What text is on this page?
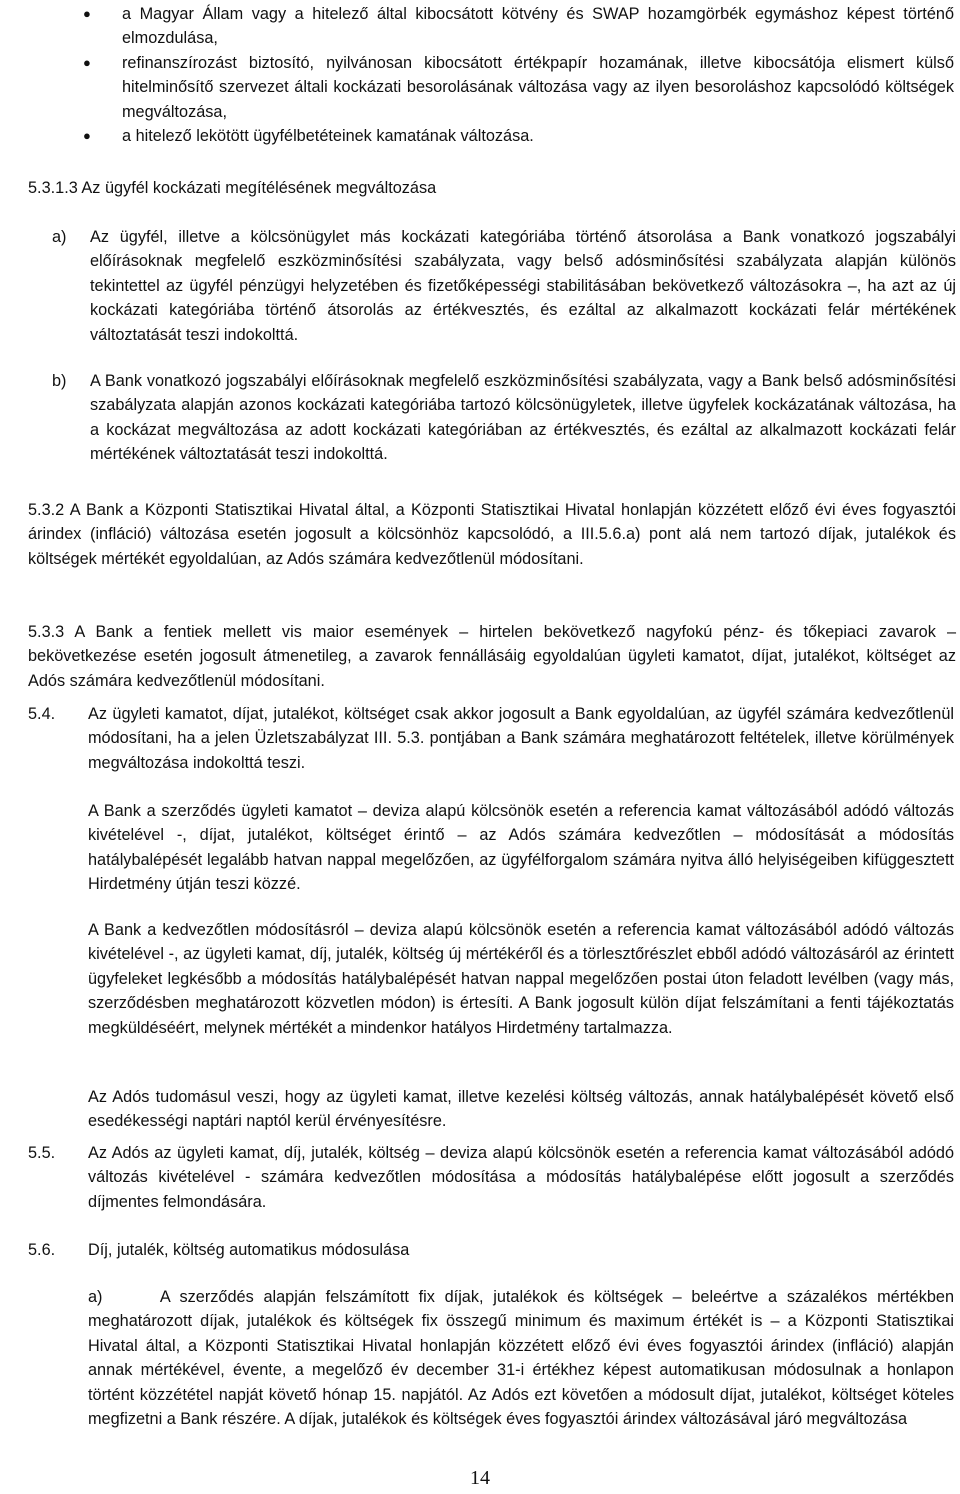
● a Magyar Állam vagy a hitelező által kibocsátott kötvény és SWAP hozamgörbék egymáshoz képest történő elmozdulása,
● refinanszírozást biztosító, nyilvánosan kibocsátott értékpapír hozamának, illetve kibocsátója elismert külső hitelminősítő szervezet általi kockázati besorolásának változása vagy az ilyen besoroláshoz kapcsolódó költségek megváltozása,
● a hitelező lekötött ügyfélbetéteinek kamatának változása.
5.3.1.3 Az ügyfél kockázati megítélésének megváltozása
a) Az ügyfél, illetve a kölcsönügylet más kockázati kategóriába történő átsorolása a Bank vonatkozó jogszabályi előírásoknak megfelelő eszközminősítési szabályzata, vagy belső adósminősítési szabályzata alapján különös tekintettel az ügyfél pénzügyi helyzetében és fizetőképességi stabilitásában bekövetkező változásokra –, ha azt az új kockázati kategóriába történő átsorolás az értékvesztés, és ezáltal az alkalmazott kockázati felár mértékének változtatását teszi indokolttá.
b) A Bank vonatkozó jogszabályi előírásoknak megfelelő eszközminősítési szabályzata, vagy a Bank belső adósminősítési szabályzata alapján azonos kockázati kategóriába tartozó kölcsönügyletek, illetve ügyfelek kockázatának változása, ha a kockázat megváltozása az adott kockázati kategóriában az értékvesztés, és ezáltal az alkalmazott kockázati felár mértékének változtatását teszi indokolttá.
5.3.2 A Bank a Központi Statisztikai Hivatal által, a Központi Statisztikai Hivatal honlapján közzétett előző évi éves fogyasztói árindex (infláció) változása esetén jogosult a kölcsönhöz kapcsolódó, a III.5.6.a) pont alá nem tartozó díjak, jutalékok és költségek mértékét egyoldalúan, az Adós számára kedvezőtlenül módosítani.
5.3.3 A Bank a fentiek mellett vis maior események – hirtelen bekövetkező nagyfokú pénz- és tőkepiaci zavarok – bekövetkezése esetén jogosult átmenetileg, a zavarok fennállásáig egyoldalúan ügyleti kamatot, díjat, jutalékot, költséget az Adós számára kedvezőtlenül módosítani.
5.4. Az ügyleti kamatot, díjat, jutalékot, költséget csak akkor jogosult a Bank egyoldalúan, az ügyfél számára kedvezőtlenül módosítani, ha a jelen Üzletszabályzat III. 5.3. pontjában a Bank számára meghatározott feltételek, illetve körülmények megváltozása indokolttá teszi.
A Bank a szerződés ügyleti kamatot – deviza alapú kölcsönök esetén a referencia kamat változásából adódó változás kivételével -, díjat, jutalékot, költséget érintő – az Adós számára kedvezőtlen – módosítását a módosítás hatálybalépését legalább hatvan nappal megelőzően, az ügyfélforgalom számára nyitva álló helyiségeiben kifüggesztett Hirdetmény útján teszi közzé.
A Bank a kedvezőtlen módosításról – deviza alapú kölcsönök esetén a referencia kamat változásából adódó változás kivételével -, az ügyleti kamat, díj, jutalék, költség új mértékéről és a törlesztőrészlet ebből adódó változásáról az érintett ügyfeleket legkésőbb a módosítás hatálybalépését hatvan nappal megelőzően postai úton feladott levélben (vagy más, szerződésben meghatározott közvetlen módon) is értesíti. A Bank jogosult külön díjat felszámítani a fenti tájékoztatás megküldéséért, melynek mértékét a mindenkor hatályos Hirdetmény tartalmazza.
Az Adós tudomásul veszi, hogy az ügyleti kamat, illetve kezelési költség változás, annak hatálybalépését követő első esedékességi naptári naptól kerül érvényesítésre.
5.5. Az Adós az ügyleti kamat, díj, jutalék, költség – deviza alapú kölcsönök esetén a referencia kamat változásából adódó változás kivételével - számára kedvezőtlen módosítása a módosítás hatálybalépése előtt jogosult a szerződés díjmentes felmondására.
5.6. Díj, jutalék, költség automatikus módosulása
a)	A szerződés alapján felszámított fix díjak, jutalékok és költségek – beleértve a százalékos mértékben meghatározott díjak, jutalékok és költségek fix összegű minimum és maximum értékét is – a Központi Statisztikai Hivatal által, a Központi Statisztikai Hivatal honlapján közzétett előző évi éves fogyasztói árindex (infláció) alapján annak mértékével, évente, a megelőző év december 31-i értékhez képest automatikusan módosulnak a honlapon történt közzététel napját követő hónap 15. napjától. Az Adós ezt követően a módosult díjat, jutalékot, költséget köteles megfizetni a Bank részére. A díjak, jutalékok és költségek éves fogyasztói árindex változásával járó megváltozása
14
